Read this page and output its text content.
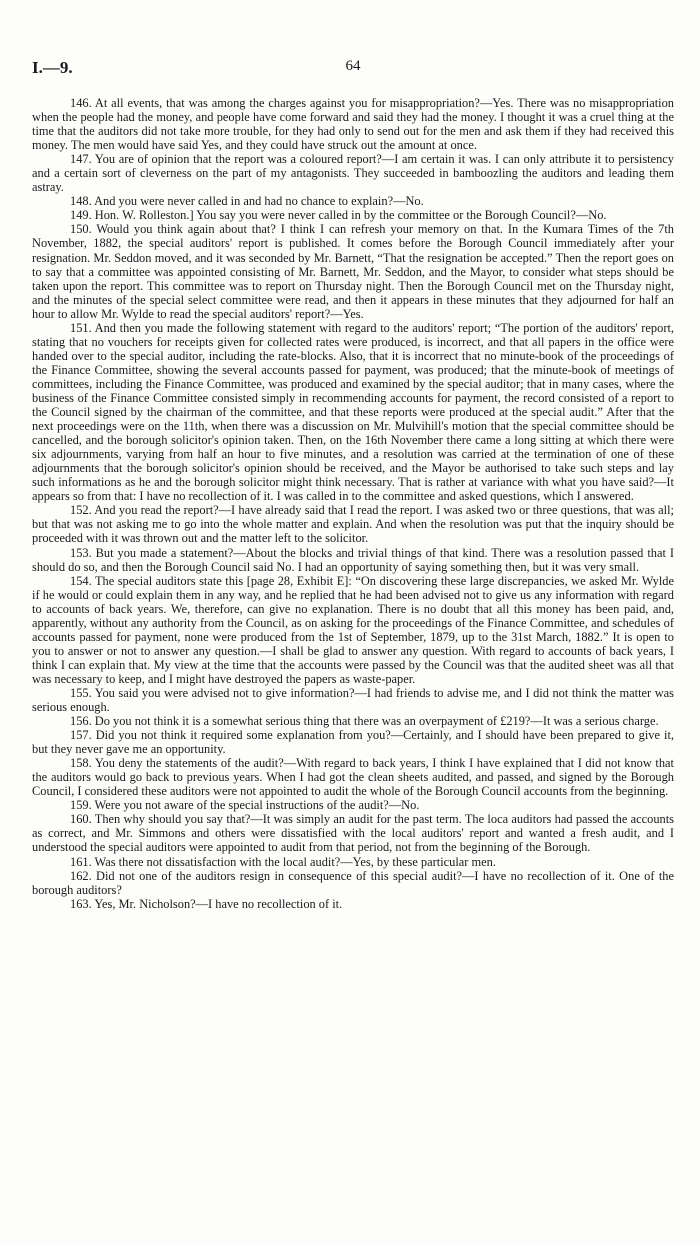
I.—9.	64

146. At all events, that was among the charges against you for misappropriation?—Yes. There was no misappropriation when the people had the money, and people have come forward and said they had the money. I thought it was a cruel thing at the time that the auditors did not take more trouble, for they had only to send out for the men and ask them if they had received this money. The men would have said Yes, and they could have struck out the amount at once.

147. You are of opinion that the report was a coloured report?—I am certain it was. I can only attribute it to persistency and a certain sort of cleverness on the part of my antagonists. They succeeded in bamboozling the auditors and leading them astray.

148. And you were never called in and had no chance to explain?—No.

149. Hon. W. Rolleston.] You say you were never called in by the committee or the Borough Council?—No.

150. Would you think again about that? I think I can refresh your memory on that. In the Kumara Times of the 7th November, 1882, the special auditors' report is published. It comes before the Borough Council immediately after your resignation. Mr. Seddon moved, and it was seconded by Mr. Barnett, “That the resignation be accepted.” Then the report goes on to say that a committee was appointed consisting of Mr. Barnett, Mr. Seddon, and the Mayor, to consider what steps should be taken upon the report. This committee was to report on Thursday night. Then the Borough Council met on the Thursday night, and the minutes of the special select committee were read, and then it appears in these minutes that they adjourned for half an hour to allow Mr. Wylde to read the special auditors' report?—Yes.

151. And then you made the following statement with regard to the auditors' report; “The portion of the auditors' report, stating that no vouchers for receipts given for collected rates were produced, is incorrect, and that all papers in the office were handed over to the special auditor, including the rate-blocks. Also, that it is incorrect that no minute-book of the proceedings of the Finance Committee, showing the several accounts passed for payment, was produced; that the minute-book of meetings of committees, including the Finance Committee, was produced and examined by the special auditor; that in many cases, where the business of the Finance Committee consisted simply in recommending accounts for payment, the record consisted of a report to the Council signed by the chairman of the committee, and that these reports were produced at the special audit.” After that the next proceedings were on the 11th, when there was a discussion on Mr. Mulvihill's motion that the special committee should be cancelled, and the borough solicitor's opinion taken. Then, on the 16th November there came a long sitting at which there were six adjournments, varying from half an hour to five minutes, and a resolution was carried at the termination of one of these adjournments that the borough solicitor's opinion should be received, and the Mayor be authorised to take such steps and lay such informations as he and the borough solicitor might think necessary. That is rather at variance with what you have said?—It appears so from that: I have no recollection of it. I was called in to the committee and asked questions, which I answered.

152. And you read the report?—I have already said that I read the report. I was asked two or three questions, that was all; but that was not asking me to go into the whole matter and explain. And when the resolution was put that the inquiry should be proceeded with it was thrown out and the matter left to the solicitor.

153. But you made a statement?—About the blocks and trivial things of that kind. There was a resolution passed that I should do so, and then the Borough Council said No. I had an opportunity of saying something then, but it was very small.

154. The special auditors state this [page 28, Exhibit E]: “On discovering these large discrepancies, we asked Mr. Wylde if he would or could explain them in any way, and he replied that he had been advised not to give us any information with regard to accounts of back years. We, therefore, can give no explanation. There is no doubt that all this money has been paid, and, apparently, without any authority from the Council, as on asking for the proceedings of the Finance Committee, and schedules of accounts passed for payment, none were produced from the 1st of September, 1879, up to the 31st March, 1882.” It is open to you to answer or not to answer any question.—I shall be glad to answer any question. With regard to accounts of back years, I think I can explain that. My view at the time that the accounts were passed by the Council was that the audited sheet was all that was necessary to keep, and I might have destroyed the papers as waste-paper.

155. You said you were advised not to give information?—I had friends to advise me, and I did not think the matter was serious enough.

156. Do you not think it is a somewhat serious thing that there was an overpayment of £219?—It was a serious charge.

157. Did you not think it required some explanation from you?—Certainly, and I should have been prepared to give it, but they never gave me an opportunity.

158. You deny the statements of the audit?—With regard to back years, I think I have explained that I did not know that the auditors would go back to previous years. When I had got the clean sheets audited, and passed, and signed by the Borough Council, I considered these auditors were not appointed to audit the whole of the Borough Council accounts from the beginning.

159. Were you not aware of the special instructions of the audit?—No.

160. Then why should you say that?—It was simply an audit for the past term. The loca auditors had passed the accounts as correct, and Mr. Simmons and others were dissatisfied with the local auditors' report and wanted a fresh audit, and I understood the special auditors were appointed to audit from that period, not from the beginning of the Borough.

161. Was there not dissatisfaction with the local audit?—Yes, by these particular men.

162. Did not one of the auditors resign in consequence of this special audit?—I have no recollection of it. One of the borough auditors?

163. Yes, Mr. Nicholson?—I have no recollection of it.
